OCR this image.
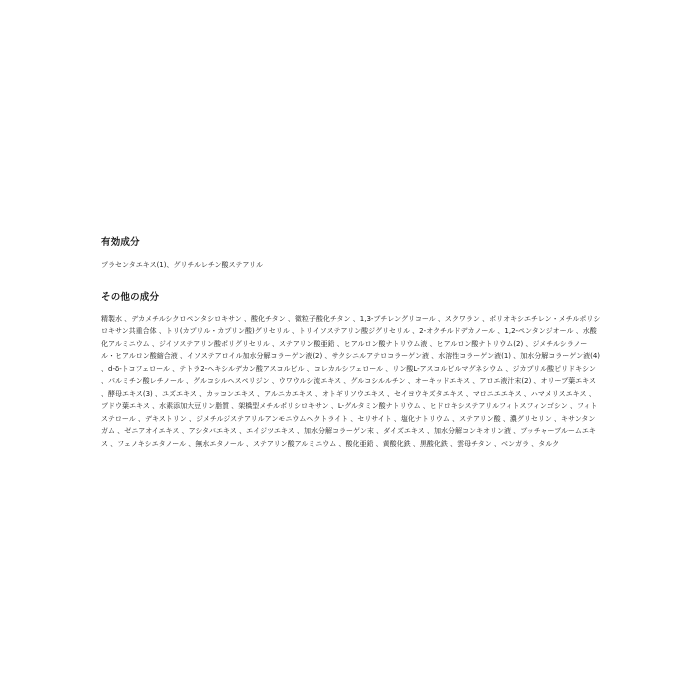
有効成分

プラセンタエキス(1)、グリチルレチン酸ステアリル

その他の成分

精製水 、デカメチルシクロペンタシロキサン 、酸化チタン 、微粒子酸化チタン 、1,3-ブチレングリコール 、スクワラン 、ポリオキシエチレン・メチルポリシロキサン共重合体 、トリ(カプリル・カプリン酸)グリセリル 、トリイソステアリン酸ジグリセリル 、2-オクチルドデカノール 、1,2-ペンタンジオール 、水酸化アルミニウム 、ジイソステアリン酸ポリグリセリル 、ステアリン酸亜鉛 、ヒアルロン酸ナトリウム液 、ヒアルロン酸ナトリウム(2) 、ジメチルシラノール・ヒアルロン酸縮合液 、イソステアロイル加水分解コラーゲン液(2) 、サクシニルアテロコラーゲン液 、水溶性コラーゲン液(1) 、加水分解コラーゲン液(4) 、d-δ-トコフェロール 、テトラ2-ヘキシルデカン酸アスコルビル 、コレカルシフェロール 、リン酸L-アスコルビルマグネシウム 、ジカプリル酸ピリドキシン 、パルミチン酸レチノール 、グルコシルヘスペリジン 、ウワウルシ流エキス 、グルコシルルチン 、オーキッドエキス 、アロエ液汁末(2) 、オリーブ葉エキス 、酵母エキス(3) 、ユズエキス 、カッコンエキス 、アルニカエキス 、オトギリソウエキス 、セイヨウキズタエキス 、マロニエエキス 、ハマメリスエキス 、ブドウ葉エキス 、水素添加大豆リン脂質 、架橋型メチルポリシロキサン 、L-グルタミン酸ナトリウム 、ヒドロキシステアリルフィトスフィンゴシン 、フィトステロール 、デキストリン 、ジメチルジステアリルアンモニウムヘクトライト 、セリサイト 、塩化ナトリウム 、ステアリン酸 、濃グリセリン 、キサンタンガム 、ゼニアオイエキス 、アシタバエキス 、エイジツエキス 、加水分解コラーゲン末 、ダイズエキス 、加水分解コンキオリン液 、ブッチャーブルームエキス 、フェノキシエタノール 、無水エタノール 、ステアリン酸アルミニウム 、酸化亜鉛 、黄酸化鉄 、黒酸化鉄 、雲母チタン 、ベンガラ 、タルク
